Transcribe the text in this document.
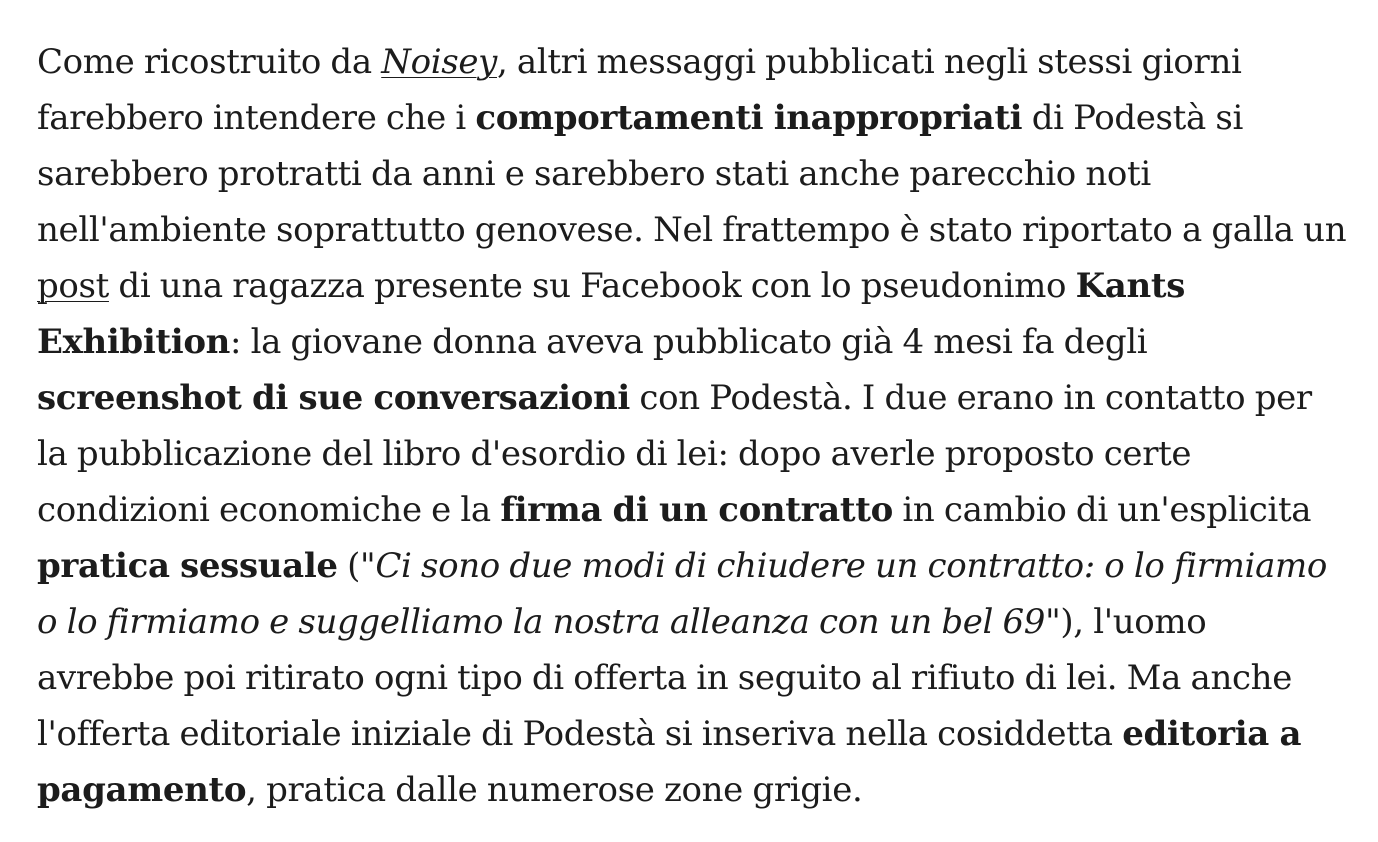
Come ricostruito da Noisey, altri messaggi pubblicati negli stessi giorni farebbero intendere che i comportamenti inappropriati di Podestà si sarebbero protratti da anni e sarebbero stati anche parecchio noti nell'ambiente soprattutto genovese. Nel frattempo è stato riportato a galla un post di una ragazza presente su Facebook con lo pseudonimo Kants Exhibition: la giovane donna aveva pubblicato già 4 mesi fa degli screenshot di sue conversazioni con Podestà. I due erano in contatto per la pubblicazione del libro d'esordio di lei: dopo averle proposto certe condizioni economiche e la firma di un contratto in cambio di un'esplicita pratica sessuale ("Ci sono due modi di chiudere un contratto: o lo firmiamo o lo firmiamo e suggelliamo la nostra alleanza con un bel 69"), l'uomo avrebbe poi ritirato ogni tipo di offerta in seguito al rifiuto di lei. Ma anche l'offerta editoriale iniziale di Podestà si inseriva nella cosiddetta editoria a pagamento, pratica dalle numerose zone grigie.
